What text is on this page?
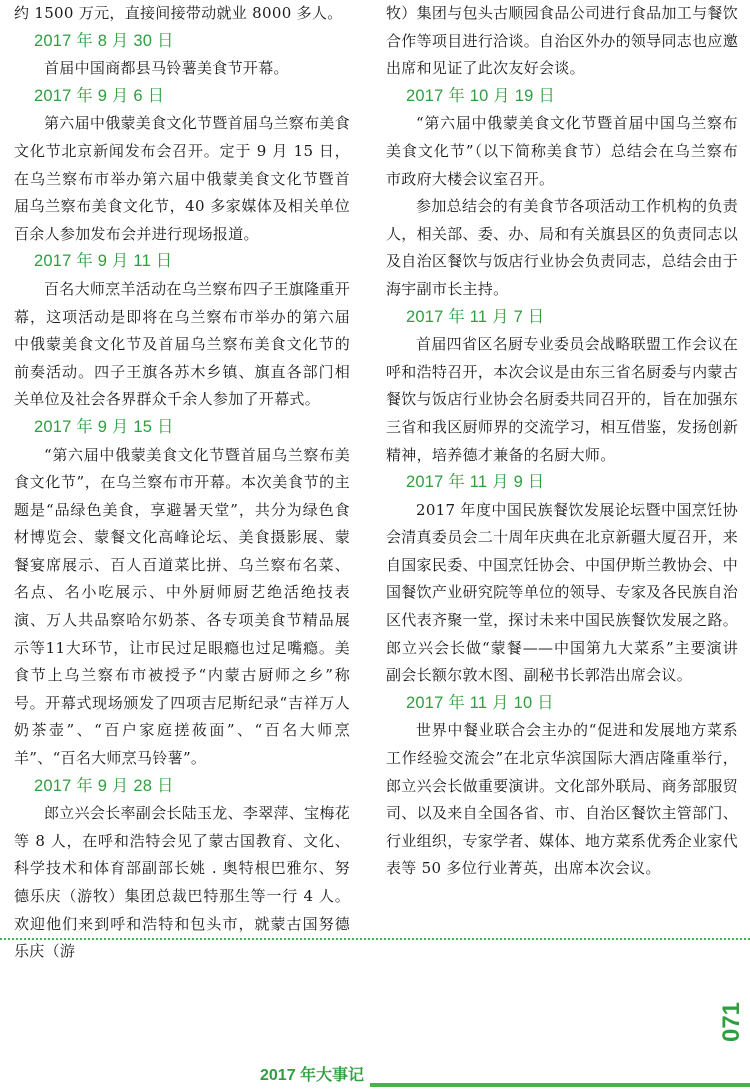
约 1500 万元，直接间接带动就业 8000 多人。

2017 年 8 月 30 日

首届中国商都县马铃薯美食节开幕。

2017 年 9 月 6 日

第六届中俄蒙美食文化节暨首届乌兰察布美食文化节北京新闻发布会召开。定于 9 月 15 日，在乌兰察布市举办第六届中俄蒙美食文化节暨首届乌兰察布美食文化节，40 多家媒体及相关单位百余人参加发布会并进行现场报道。

2017 年 9 月 11 日

百名大师烹羊活动在乌兰察布四子王旗隆重开幕，这项活动是即将在乌兰察布市举办的第六届中俄蒙美食文化节及首届乌兰察布美食文化节的前奏活动。四子王旗各苏木乡镇、旗直各部门相关单位及社会各界群众千余人参加了开幕式。

2017 年 9 月 15 日

“第六届中俄蒙美食文化节暨首届乌兰察布美食文化节”，在乌兰察布市开幕。本次美食节的主题是“品绿色美食，享避暑天堂”，共分为绿色食材博览会、蒙餐文化高峰论坛、美食摄影展、蒙餐宴席展示、百人百道菜比拼、乌兰察布名菜、名点、名小吃展示、中外厨师厨艺绝活绝技表演、万人共品察哈尔奶茶、各专项美食节精品展示等11大环节，让市民过足眼瘾也过足嘴瘾。美食节上乌兰察布市被授予“内蒙古厨师之乡”称号。开幕式现场颁发了四项吉尼斯纪录“吉祥万人奶茶壶”、“百户家庭搓莜面”、“百名大师烹羊”、“百名大师烹马铃薯”。

2017 年 9 月 28 日

郎立兴会长率副会长陆玉龙、李翠萍、宝梅花等 8 人，在呼和浩特会见了蒙古国教育、文化、科学技术和体育部副部长姚 . 奥特根巴雅尔、努德乐庆（游牧）集团总裁巴特那生等一行 4 人。欢迎他们来到呼和浩特和包头市，就蒙古国努德乐庆（游

牧）集团与包头古顺园食品公司进行食品加工与餐饮合作等项目进行洽谈。自治区外办的领导同志也应邀出席和见证了此次友好会谈。

2017 年 10 月 19 日

“第六届中俄蒙美食文化节暨首届中国乌兰察布美食文化节”（以下简称美食节）总结会在乌兰察布市政府大楼会议室召开。

参加总结会的有美食节各项活动工作机构的负责人，相关部、委、办、局和有关旗县区的负责同志以及自治区餐饮与饭店行业协会负责同志，总结会由于海宇副市长主持。

2017 年 11 月 7 日

首届四省区名厨专业委员会战略联盟工作会议在呼和浩特召开，本次会议是由东三省名厨委与内蒙古餐饮与饭店行业协会名厨委共同召开的，旨在加强东三省和我区厨师界的交流学习，相互借鉴，发扬创新精神，培养德才兼备的名厨大师。

2017 年 11 月 9 日

2017 年度中国民族餐饮发展论坛暨中国烹饪协会清真委员会二十周年庆典在北京新疆大厦召开，来自国家民委、中国烹饪协会、中国伊斯兰教协会、中国餐饮产业研究院等单位的领导、专家及各民族自治区代表齐聚一堂，探讨未来中国民族餐饮发展之路。郎立兴会长做“蒙餐——中国第九大菜系”主要演讲副会长额尔敦木图、副秘书长郭浩出席会议。

2017 年 11 月 10 日

世界中餐业联合会主办的“促进和发展地方菜系工作经验交流会”在北京华滨国际大酒店隆重举行，郎立兴会长做重要演讲。文化部外联局、商务部服贸司、以及来自全国各省、市、自治区餐饮主管部门、行业组织，专家学者、媒体、地方菜系优秀企业家代表等 50 多位行业菁英，出席本次会议。

071
2017 年大事记
